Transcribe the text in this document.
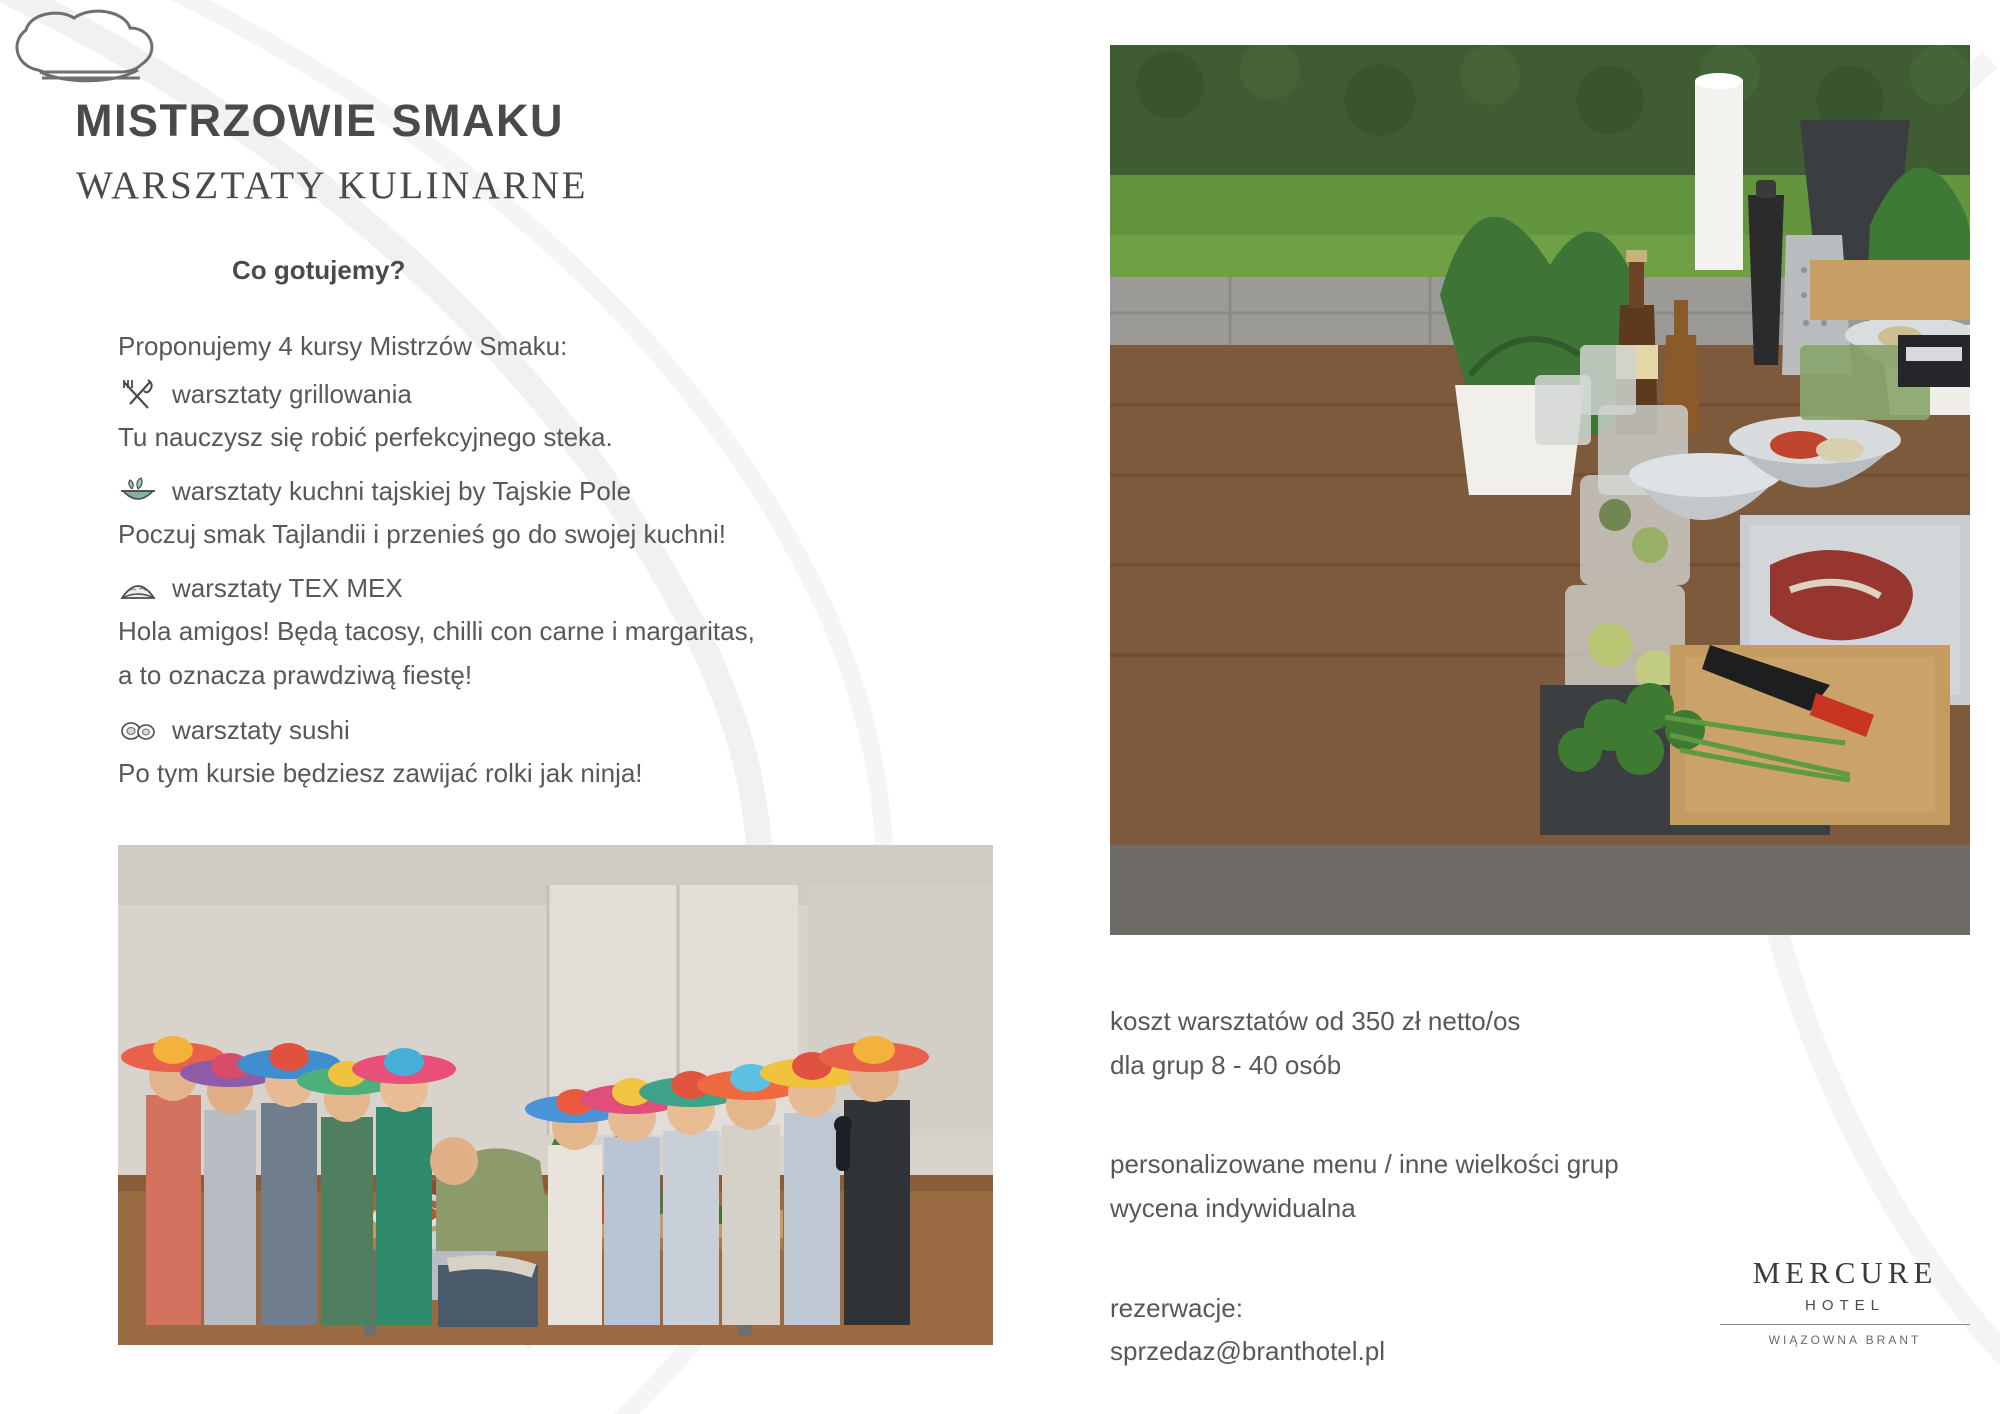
MISTRZOWIE SMAKU
WARSZTATY KULINARNE
Co gotujemy?

Proponujemy 4 kursy Mistrzów Smaku:

warsztaty grillowania

Tu nauczysz się robić perfekcyjnego steka.

warsztaty kuchni tajskiej by Tajskie Pole

Poczuj smak Tajlandii i przenieś go do swojej kuchni!

warsztaty TEX MEX

Hola amigos! Będą tacosy, chilli con carne i margaritas,

a to oznacza prawdziwą fiestę!

warsztaty sushi

Po tym kursie będziesz zawijać rolki jak ninja!

koszt warsztatów od 350 zł netto/os

dla grup 8 - 40 osób

personalizowane menu / inne wielkości grup

wycena indywidualna

rezerwacje:

sprzedaz@branthotel.pl

MERCURE
HOTEL
WIĄZOWNA BRANT
